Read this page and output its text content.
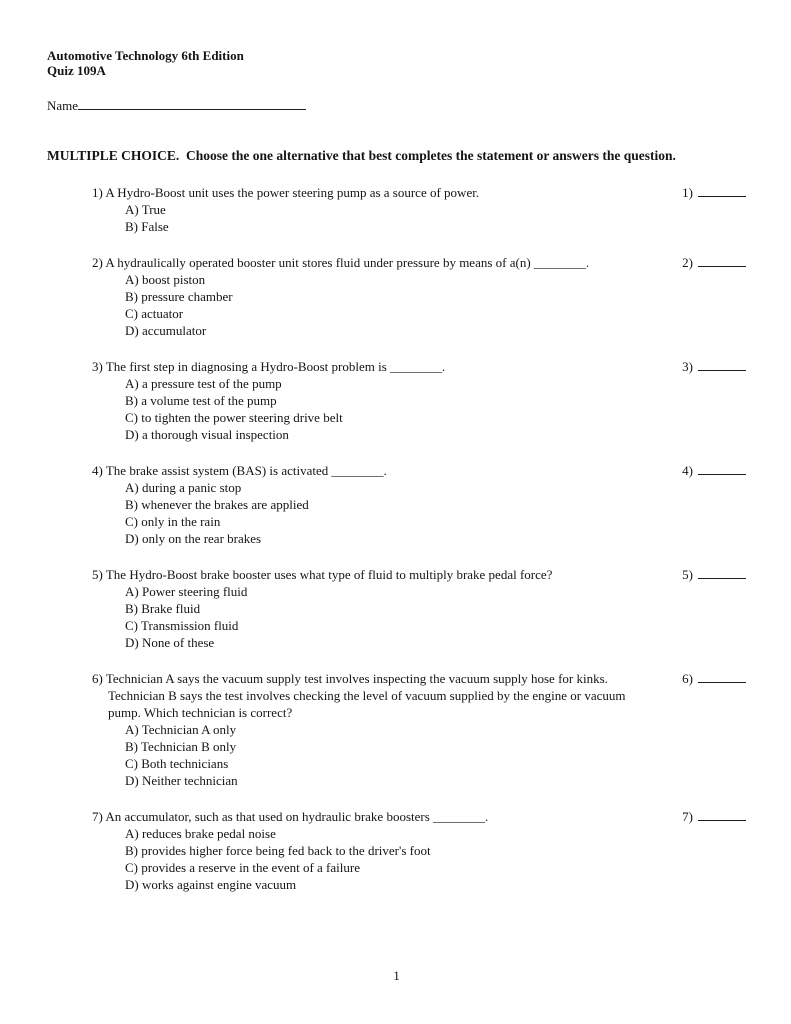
Automotive Technology 6th Edition
Quiz 109A
Name
MULTIPLE CHOICE.  Choose the one alternative that best completes the statement or answers the question.
1) A Hydro-Boost unit uses the power steering pump as a source of power.
A) True
B) False
1)
2) A hydraulically operated booster unit stores fluid under pressure by means of a(n) ________.
A) boost piston
B) pressure chamber
C) actuator
D) accumulator
2)
3) The first step in diagnosing a Hydro-Boost problem is ________.
A) a pressure test of the pump
B) a volume test of the pump
C) to tighten the power steering drive belt
D) a thorough visual inspection
3)
4) The brake assist system (BAS) is activated ________.
A) during a panic stop
B) whenever the brakes are applied
C) only in the rain
D) only on the rear brakes
4)
5) The Hydro-Boost brake booster uses what type of fluid to multiply brake pedal force?
A) Power steering fluid
B) Brake fluid
C) Transmission fluid
D) None of these
5)
6) Technician A says the vacuum supply test involves inspecting the vacuum supply hose for kinks. Technician B says the test involves checking the level of vacuum supplied by the engine or vacuum pump. Which technician is correct?
A) Technician A only
B) Technician B only
C) Both technicians
D) Neither technician
6)
7) An accumulator, such as that used on hydraulic brake boosters ________.
A) reduces brake pedal noise
B) provides higher force being fed back to the driver's foot
C) provides a reserve in the event of a failure
D) works against engine vacuum
7)
1
